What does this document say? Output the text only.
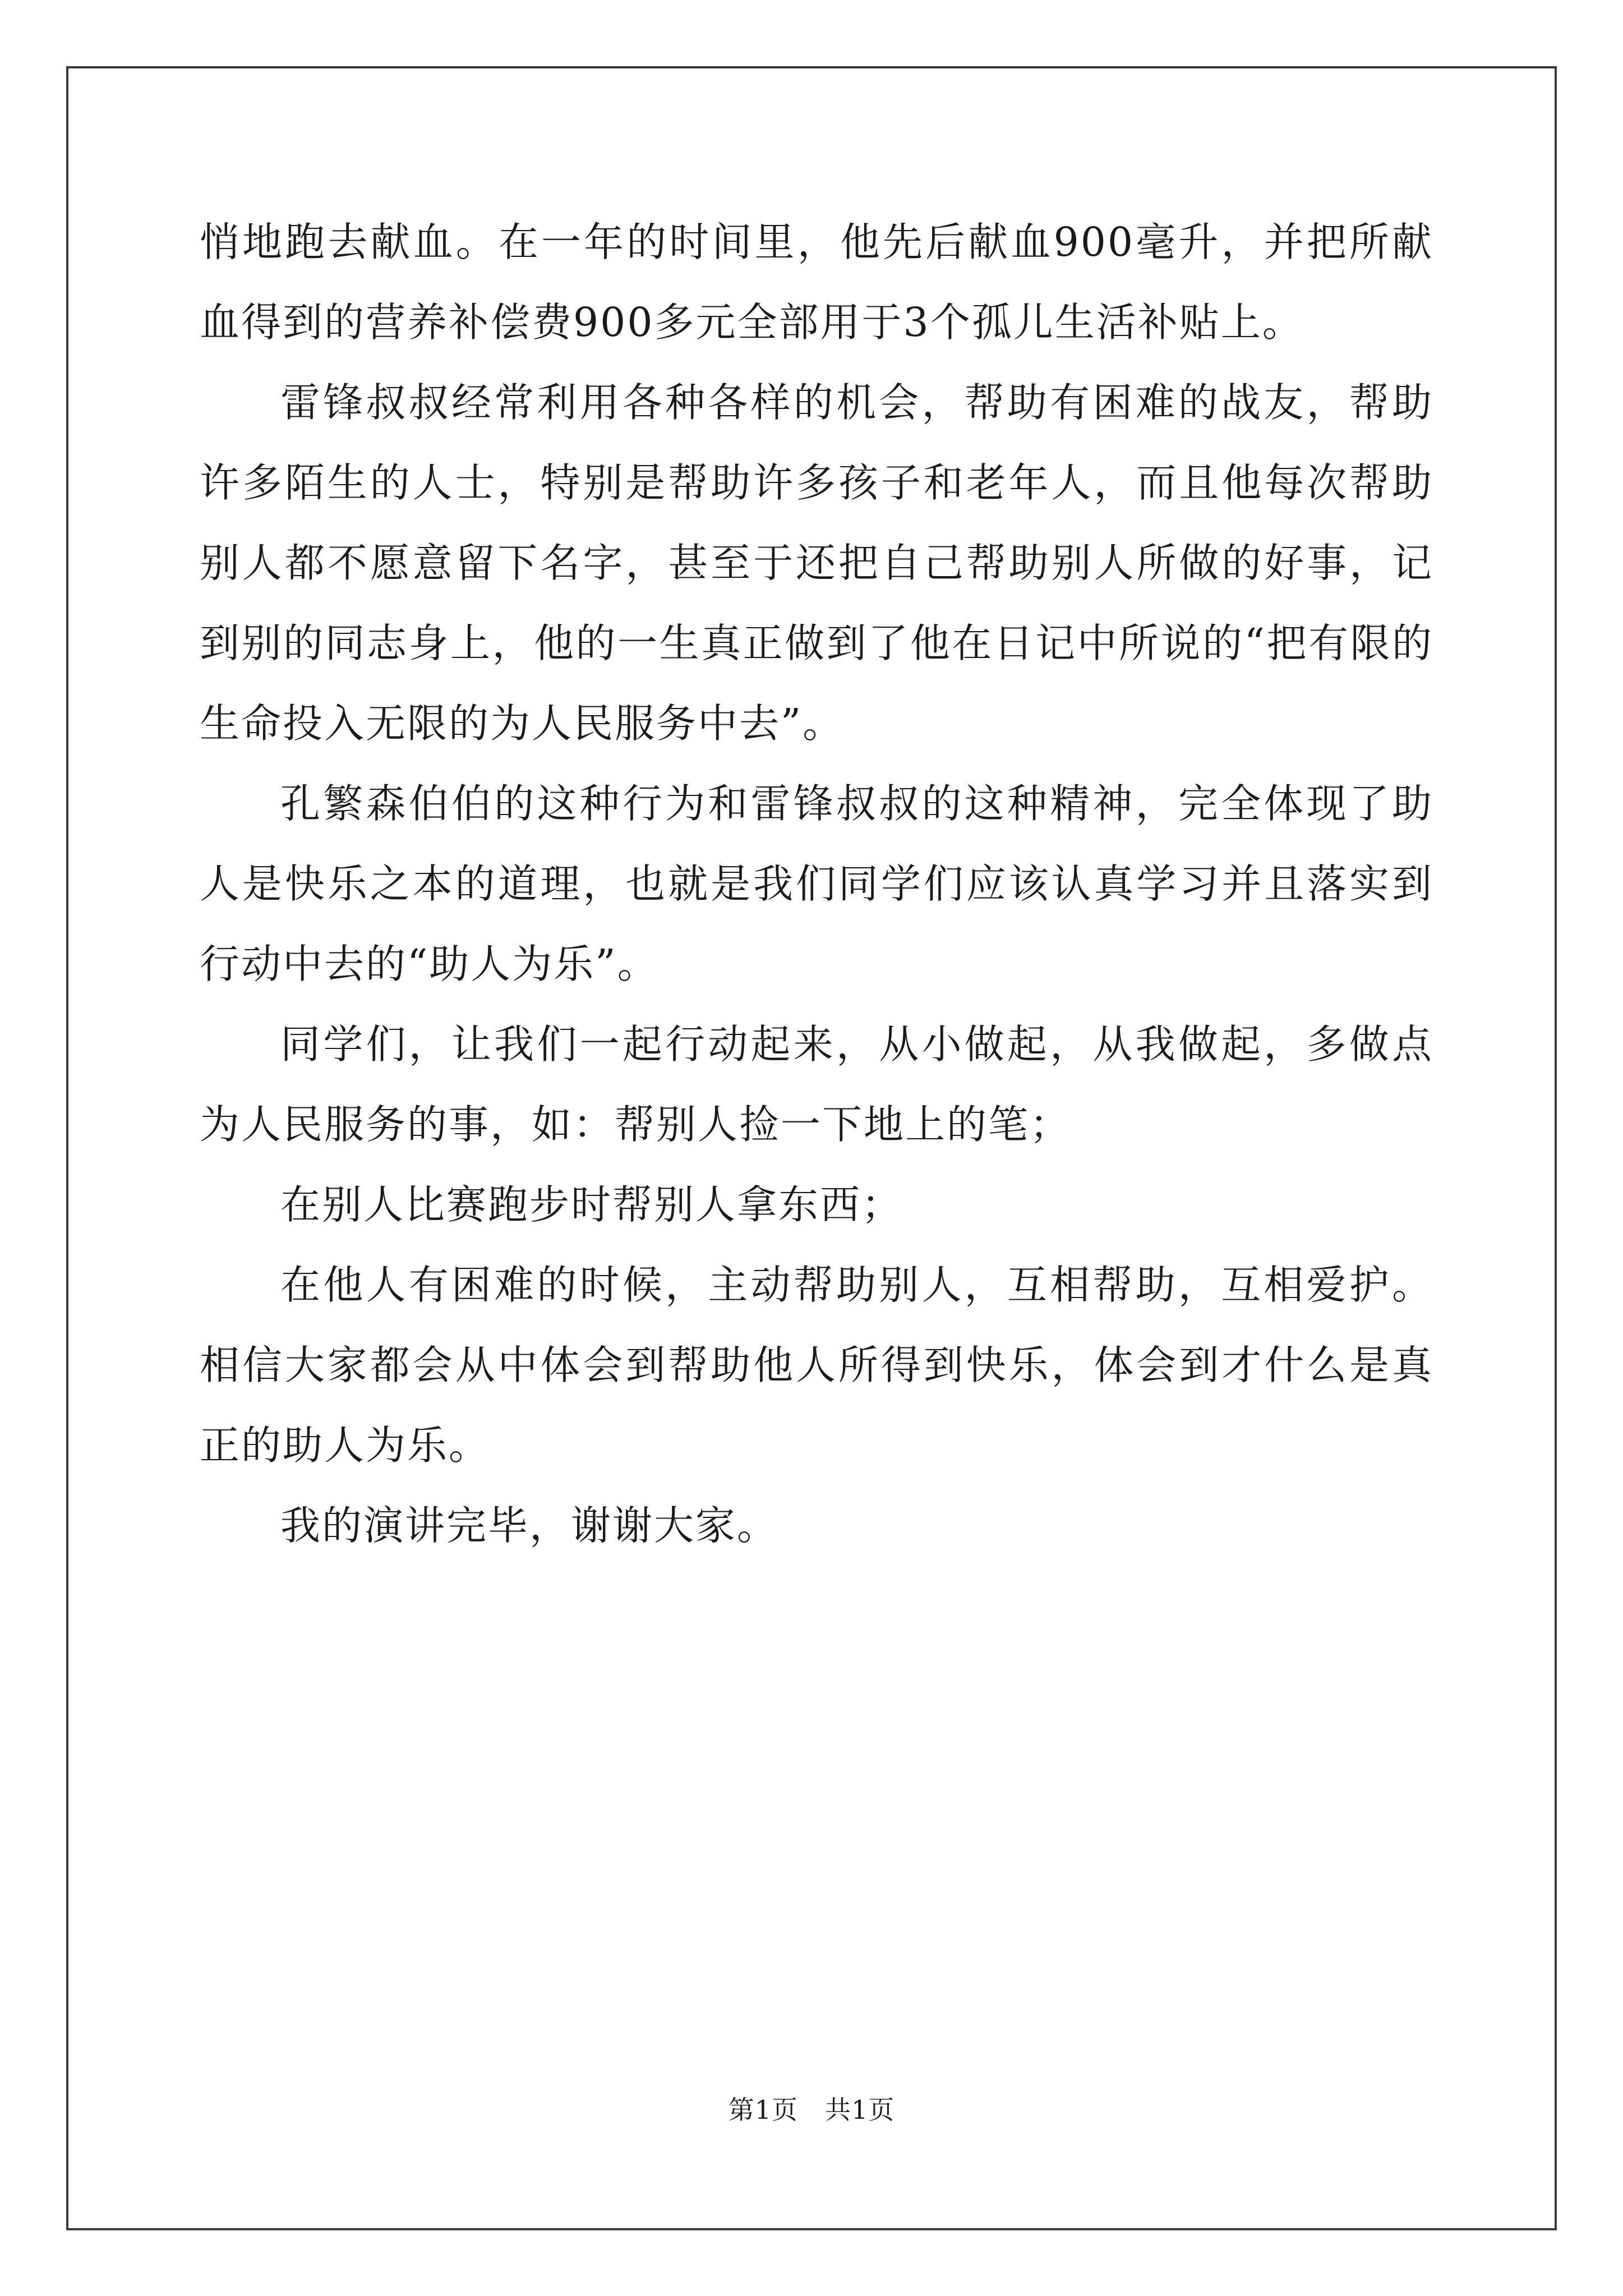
悄地跑去献血。在一年的时间里，他先后献血900毫升，并把所献血得到的营养补偿费900多元全部用于3个孤儿生活补贴上。

雷锋叔叔经常利用各种各样的机会，帮助有困难的战友，帮助许多陌生的人士，特别是帮助许多孩子和老年人，而且他每次帮助别人都不愿意留下名字，甚至于还把自己帮助别人所做的好事，记到别的同志身上，他的一生真正做到了他在日记中所说的“把有限的生命投入无限的为人民服务中去”。

孔繁森伯伯的这种行为和雷锋叔叔的这种精神，完全体现了助人是快乐之本的道理，也就是我们同学们应该认真学习并且落实到行动中去的“助人为乐”。

同学们，让我们一起行动起来，从小做起，从我做起，多做点为人民服务的事，如：帮别人捡一下地上的笔；

在别人比赛跑步时帮别人拿东西；

在他人有困难的时候，主动帮助别人，互相帮助，互相爱护。相信大家都会从中体会到帮助他人所得到快乐，体会到才什么是真正的助人为乐。

我的演讲完毕，谢谢大家。

第1页 共1页
